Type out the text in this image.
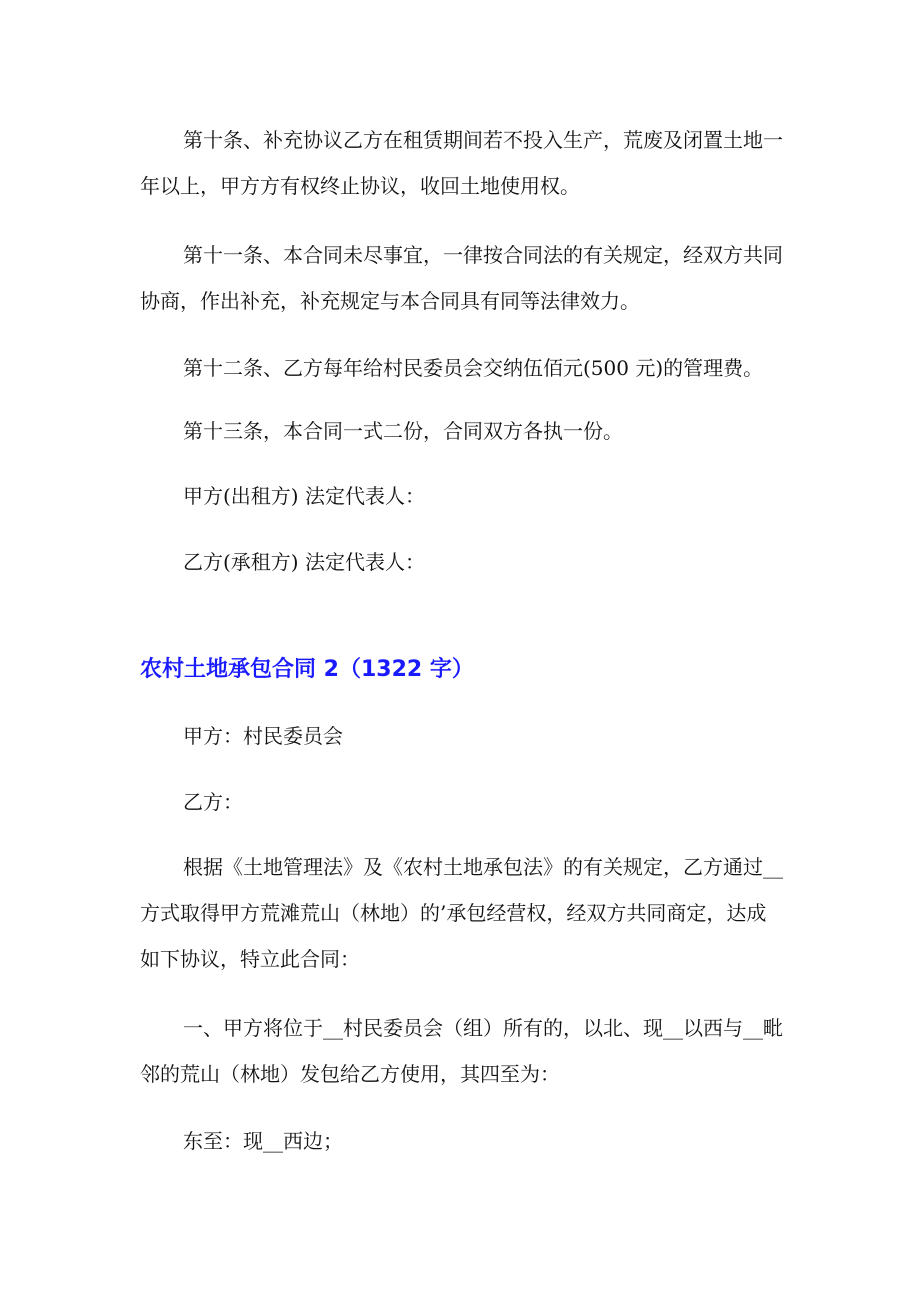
第十条、补充协议乙方在租赁期间若不投入生产，荒废及闭置土地一年以上，甲方方有权终止协议，收回土地使用权。

第十一条、本合同未尽事宜，一律按合同法的有关规定，经双方共同协商，作出补充，补充规定与本合同具有同等法律效力。

第十二条、乙方每年给村民委员会交纳伍佰元(500 元)的管理费。

第十三条，本合同一式二份，合同双方各执一份。

甲方(出租方) 法定代表人：

乙方(承租方) 法定代表人：

农村土地承包合同 2（1322 字）

甲方：村民委员会

乙方：

根据《土地管理法》及《农村土地承包法》的有关规定，乙方通过__方式取得甲方荒滩荒山（林地）的’承包经营权，经双方共同商定，达成如下协议，特立此合同：

一、甲方将位于__村民委员会（组）所有的，以北、现__以西与__毗邻的荒山（林地）发包给乙方使用，其四至为：

东至：现__西边；
